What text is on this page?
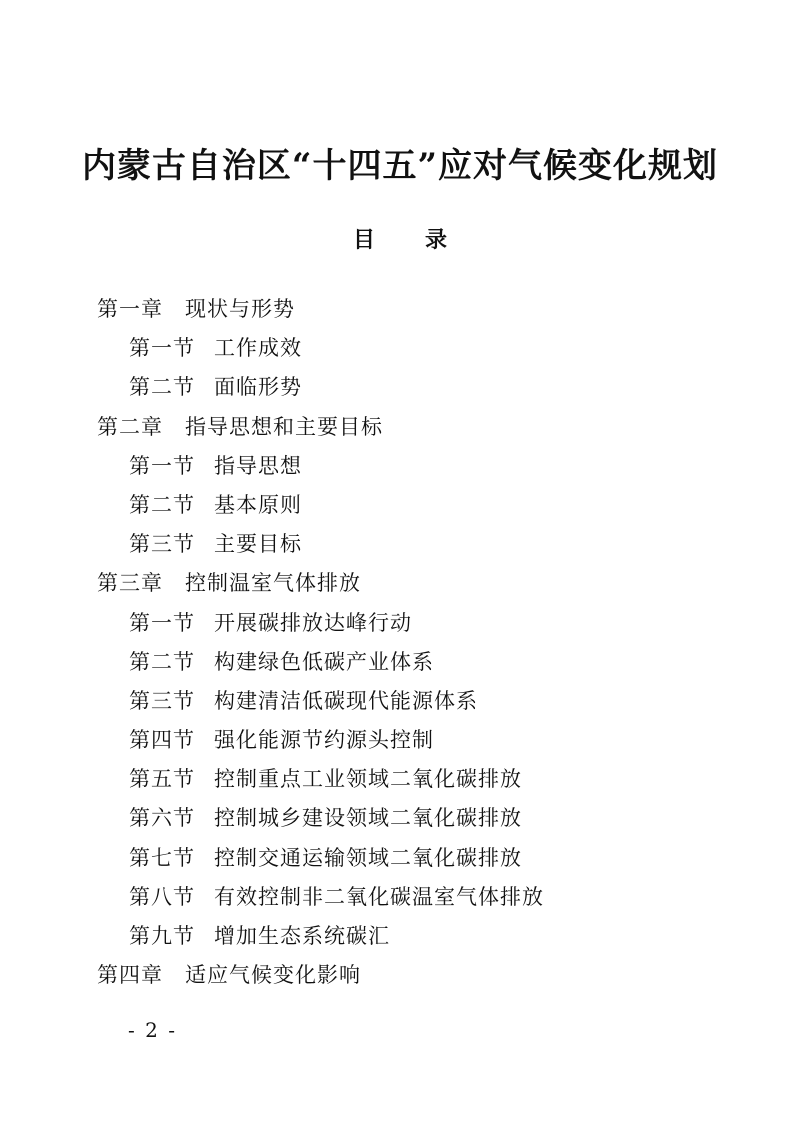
内蒙古自治区“十四五”应对气候变化规划
目录
第一章 现状与形势
第一节 工作成效
第二节 面临形势
第二章 指导思想和主要目标
第一节 指导思想
第二节 基本原则
第三节 主要目标
第三章 控制温室气体排放
第一节 开展碳排放达峰行动
第二节 构建绿色低碳产业体系
第三节 构建清洁低碳现代能源体系
第四节 强化能源节约源头控制
第五节 控制重点工业领域二氧化碳排放
第六节 控制城乡建设领域二氧化碳排放
第七节 控制交通运输领域二氧化碳排放
第八节 有效控制非二氧化碳温室气体排放
第九节 增加生态系统碳汇
第四章 适应气候变化影响
- 2 -
